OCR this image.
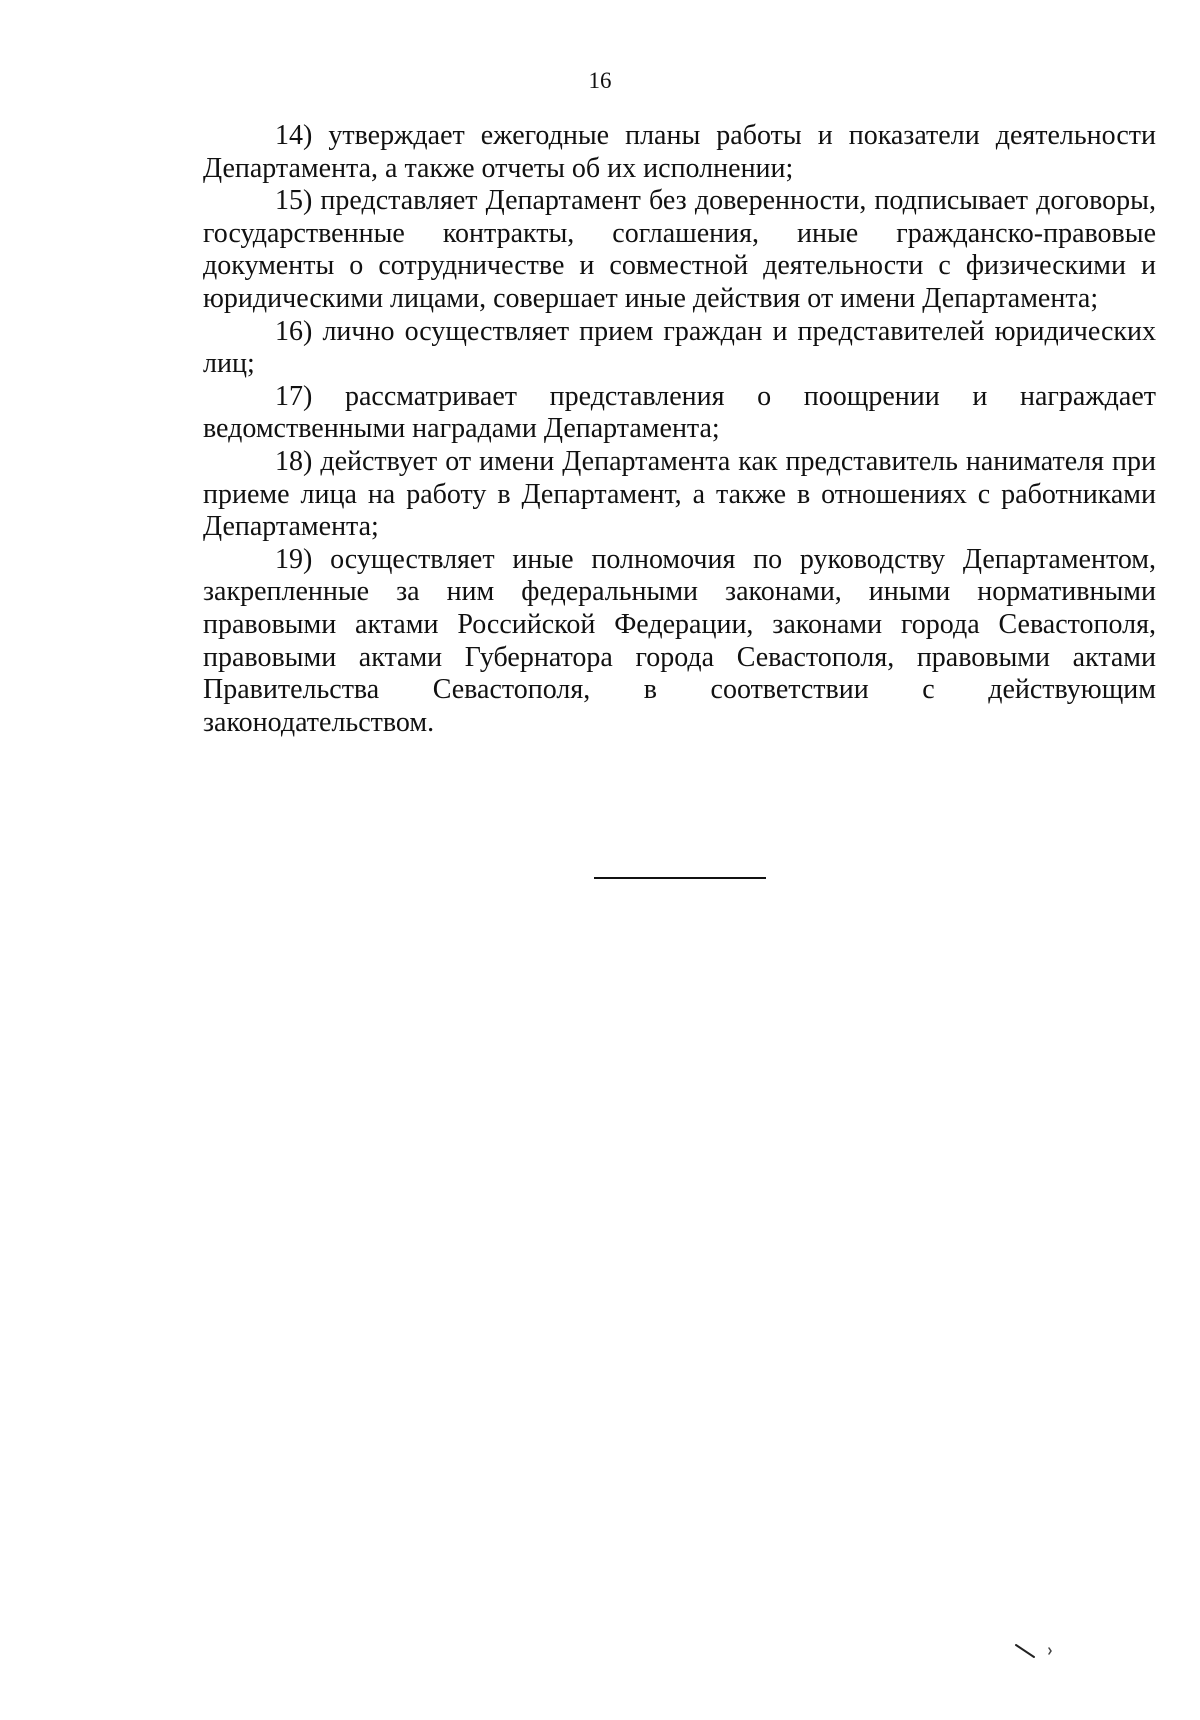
16

14) утверждает ежегодные планы работы и показатели деятельности Департамента, а также отчеты об их исполнении;

15) представляет Департамент без доверенности, подписывает договоры, государственные контракты, соглашения, иные гражданско-правовые документы о сотрудничестве и совместной деятельности с физическими и юридическими лицами, совершает иные действия от имени Департамента;

16) лично осуществляет прием граждан и представителей юридических лиц;

17) рассматривает представления о поощрении и награждает ведомственными наградами Департамента;

18) действует от имени Департамента как представитель нанимателя при приеме лица на работу в Департамент, а также в отношениях с работниками Департамента;

19) осуществляет иные полномочия по руководству Департаментом, закрепленные за ним федеральными законами, иными нормативными правовыми актами Российской Федерации, законами города Севастополя, правовыми актами Губернатора города Севастополя, правовыми актами Правительства Севастополя, в соответствии с действующим законодательством.
